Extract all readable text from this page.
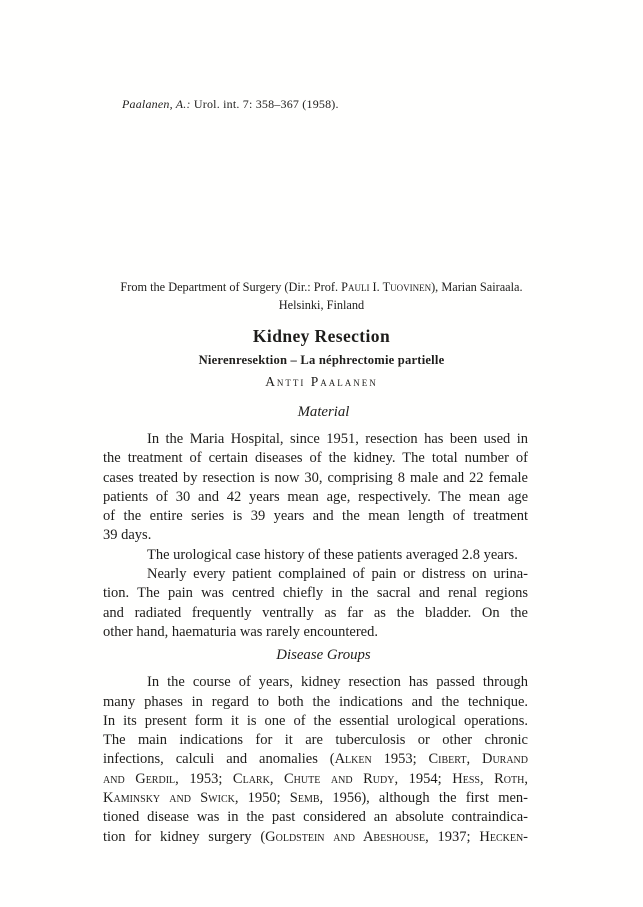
Paalanen, A.: Urol. int. 7: 358–367 (1958).
From the Department of Surgery (Dir.: Prof. Pauli I. Tuovinen), Marian Sairaala.
Helsinki, Finland
Kidney Resection
Nierenresektion – La néphrectomie partielle
Antti Paalanen
Material
In the Maria Hospital, since 1951, resection has been used in
the treatment of certain diseases of the kidney. The total number of
cases treated by resection is now 30, comprising 8 male and 22 female
patients of 30 and 42 years mean age, respectively. The mean age
of the entire series is 39 years and the mean length of treatment
39 days.
The urological case history of these patients averaged 2.8 years.
Nearly every patient complained of pain or distress on urina-
tion. The pain was centred chiefly in the sacral and renal regions
and radiated frequently ventrally as far as the bladder. On the
other hand, haematuria was rarely encountered.
Disease Groups
In the course of years, kidney resection has passed through
many phases in regard to both the indications and the technique.
In its present form it is one of the essential urological operations.
The main indications for it are tuberculosis or other chronic
infections, calculi and anomalies (Alken 1953; Cibert, Durand
and Gerdil, 1953; Clark, Chute and Rudy, 1954; Hess, Roth,
Kaminsky and Swick, 1950; Semb, 1956), although the first men-
tioned disease was in the past considered an absolute contraindica-
tion for kidney surgery (Goldstein and Abeshouse, 1937; Hecken-
